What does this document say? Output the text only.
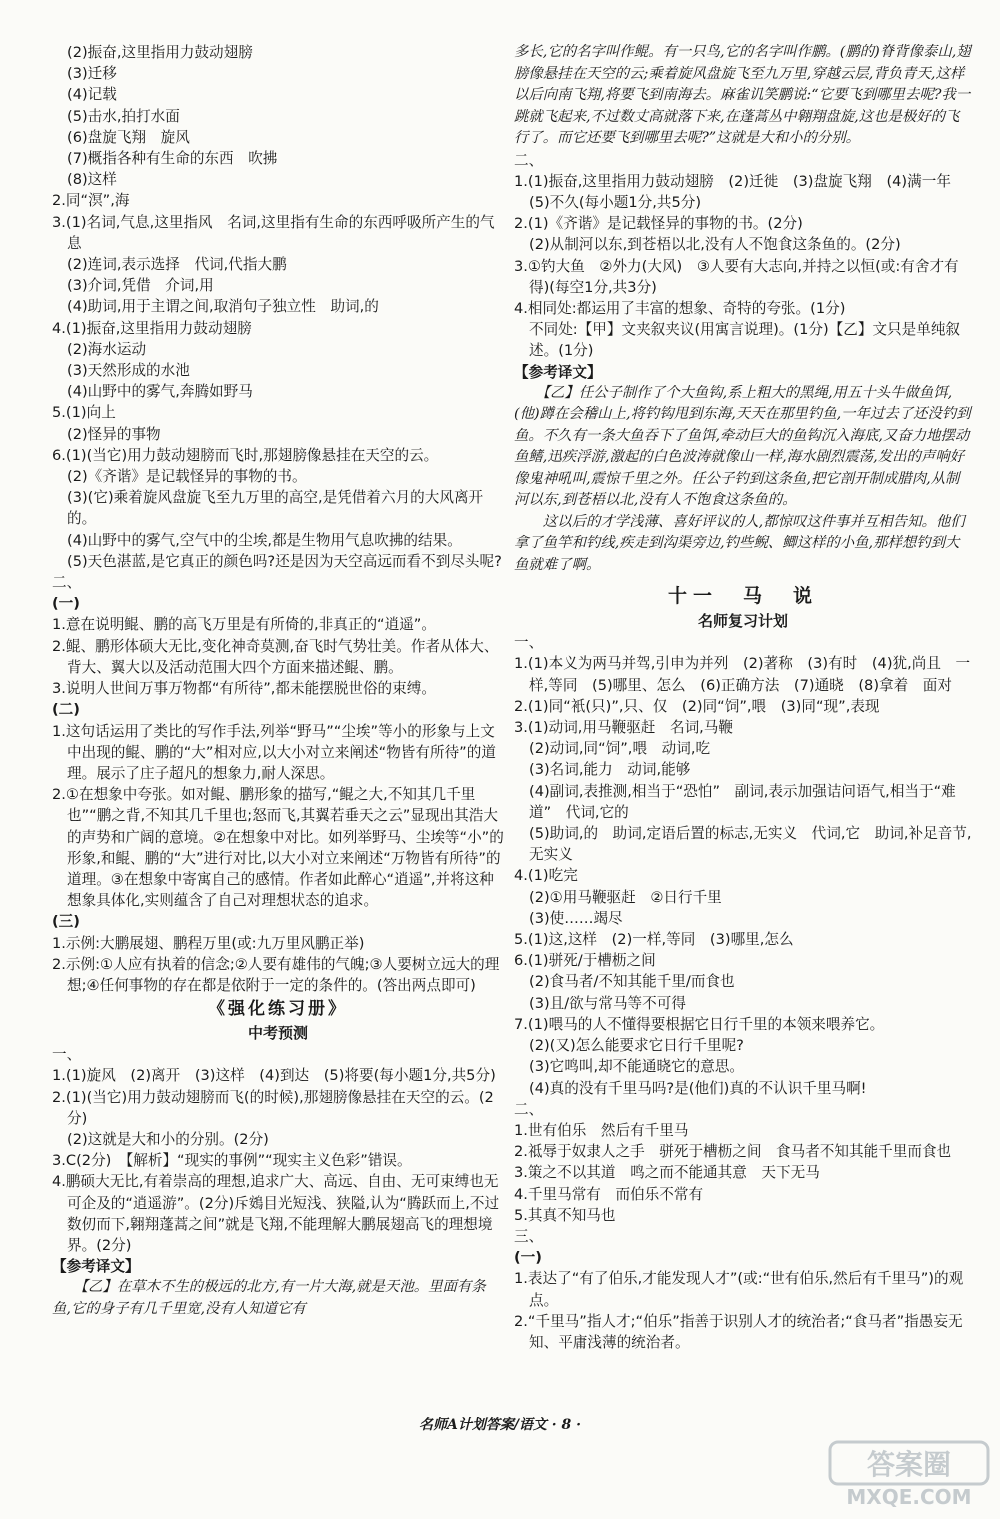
(2)振奋,这里指用力鼓动翅膀

(3)迁移

(4)记载

(5)击水,拍打水面

(6)盘旋飞翔　旋风

(7)概指各种有生命的东西　吹拂

(8)这样

2.同“溟”,海

3.(1)名词,气息,这里指风　名词,这里指有生命的东西呼吸所产生的气息

(2)连词,表示选择　代词,代指大鹏

(3)介词,凭借　介词,用

(4)助词,用于主谓之间,取消句子独立性　助词,的

4.(1)振奋,这里指用力鼓动翅膀

(2)海水运动

(3)天然形成的水池

(4)山野中的雾气,奔腾如野马

5.(1)向上

(2)怪异的事物

6.(1)(当它)用力鼓动翅膀而飞时,那翅膀像悬挂在天空的云。

(2)《齐谐》是记载怪异的事物的书。

(3)(它)乘着旋风盘旋飞至九万里的高空,是凭借着六月的大风离开的。

(4)山野中的雾气,空气中的尘埃,都是生物用气息吹拂的结果。

(5)天色湛蓝,是它真正的颜色吗?还是因为天空高远而看不到尽头呢?

二、

(一)

1.意在说明鲲、鹏的高飞万里是有所倚的,非真正的“逍遥”。

2.鲲、鹏形体硕大无比,变化神奇莫测,奋飞时气势壮美。作者从体大、背大、翼大以及活动范围大四个方面来描述鲲、鹏。

3.说明人世间万事万物都“有所待”,都未能摆脱世俗的束缚。

(二)

1.这句话运用了类比的写作手法,列举“野马”“尘埃”等小的形象与上文中出现的鲲、鹏的“大”相对应,以大小对立来阐述“物皆有所待”的道理。展示了庄子超凡的想象力,耐人深思。

2.①在想象中夸张。如对鲲、鹏形象的描写,“鲲之大,不知其几千里也”“鹏之背,不知其几千里也;怒而飞,其翼若垂天之云”显现出其浩大的声势和广阔的意境。②在想象中对比。如列举野马、尘埃等“小”的形象,和鲲、鹏的“大”进行对比,以大小对立来阐述“万物皆有所待”的道理。③在想象中寄寓自己的感情。作者如此醉心“逍遥”,并将这种想象具体化,实则蕴含了自己对理想状态的追求。

(三)

1.示例:大鹏展翅、鹏程万里(或:九万里风鹏正举)

2.示例:①人应有执着的信念;②人要有雄伟的气魄;③人要树立远大的理想;④任何事物的存在都是依附于一定的条件的。(答出两点即可)

《强化练习册》

中考预测

一、

1.(1)旋风　(2)离开　(3)这样　(4)到达　(5)将要(每小题1分,共5分)

2.(1)(当它)用力鼓动翅膀而飞(的时候),那翅膀像悬挂在天空的云。(2分)

(2)这就是大和小的分别。(2分)

3.C(2分)　【解析】“现实的事例”“现实主义色彩”错误。

4.鹏硕大无比,有着崇高的理想,追求广大、高远、自由、无可束缚也无可企及的“逍遥游”。(2分)斥鴳目光短浅、狭隘,认为“腾跃而上,不过数仞而下,翱翔蓬蒿之间”就是飞翔,不能理解大鹏展翅高飞的理想境界。(2分)

【参考译文】

　　【乙】在草木不生的极远的北方,有一片大海,就是天池。里面有条鱼,它的身子有几千里宽,没有人知道它有

多长,它的名字叫作鲲。有一只鸟,它的名字叫作鹏。(鹏的)脊背像泰山,翅膀像悬挂在天空的云;乘着旋风盘旋飞至九万里,穿越云层,背负青天,这样以后向南飞翔,将要飞到南海去。麻雀讥笑鹏说:“它要飞到哪里去呢?我一跳就飞起来,不过数丈高就落下来,在蓬蒿丛中翱翔盘旋,这也是极好的飞行了。而它还要飞到哪里去呢?”这就是大和小的分别。

二、

1.(1)振奋,这里指用力鼓动翅膀　(2)迁徙　(3)盘旋飞翔　(4)满一年　(5)不久(每小题1分,共5分)

2.(1)《齐谐》是记载怪异的事物的书。(2分)

(2)从制河以东,到苍梧以北,没有人不饱食这条鱼的。(2分)

3.①钓大鱼　②外力(大风)　③人要有大志向,并持之以恒(或:有舍才有得)(每空1分,共3分)

4.相同处:都运用了丰富的想象、奇特的夸张。(1分)

不同处:【甲】文夹叙夹议(用寓言说理)。(1分)【乙】文只是单纯叙述。(1分)

【参考译文】

　　【乙】任公子制作了个大鱼钩,系上粗大的黑绳,用五十头牛做鱼饵,(他)蹲在会稽山上,将钓钩甩到东海,天天在那里钓鱼,一年过去了还没钓到鱼。不久有一条大鱼吞下了鱼饵,牵动巨大的鱼钩沉入海底,又奋力地摆动鱼鳍,迅疾浮游,激起的白色波涛就像山一样,海水剧烈震荡,发出的声响好像鬼神吼叫,震惊千里之外。任公子钓到这条鱼,把它剖开制成腊肉,从制河以东,到苍梧以北,没有人不饱食这条鱼的。

　　这以后的才学浅薄、喜好评议的人,都惊叹这件事并互相告知。他们拿了鱼竿和钓线,疾走到沟渠旁边,钓些鲵、鲫这样的小鱼,那样想钓到大鱼就难了啊。

十一　马　说

名师复习计划

一、

1.(1)本义为两马并驾,引申为并列　(2)著称　(3)有时　(4)犹,尚且　一样,等同　(5)哪里、怎么　(6)正确方法　(7)通晓　(8)拿着　面对

2.(1)同“衹(只)”,只、仅　(2)同“饲”,喂　(3)同“现”,表现

3.(1)动词,用马鞭驱赶　名词,马鞭

(2)动词,同“饲”,喂　动词,吃

(3)名词,能力　动词,能够

(4)副词,表推测,相当于“恐怕”　副词,表示加强诘问语气,相当于“难道”　代词,它的

(5)助词,的　助词,定语后置的标志,无实义　代词,它　助词,补足音节,无实义

4.(1)吃完

(2)①用马鞭驱赶　②日行千里

(3)使……竭尽

5.(1)这,这样　(2)一样,等同　(3)哪里,怎么

6.(1)骈死/于槽枥之间

(2)食马者/不知其能千里/而食也

(3)且/欲与常马等不可得

7.(1)喂马的人不懂得要根据它日行千里的本领来喂养它。

(2)(又)怎么能要求它日行千里呢?

(3)它鸣叫,却不能通晓它的意思。

(4)真的没有千里马吗?是(他们)真的不认识千里马啊!

二、

1.世有伯乐　然后有千里马

2.祗辱于奴隶人之手　骈死于槽枥之间　食马者不知其能千里而食也

3.策之不以其道　鸣之而不能通其意　天下无马

4.千里马常有　而伯乐不常有

5.其真不知马也

三、

(一)

1.表达了“有了伯乐,才能发现人才”(或:“世有伯乐,然后有千里马”)的观点。

2.“千里马”指人才;“伯乐”指善于识别人才的统治者;“食马者”指愚妄无知、平庸浅薄的统治者。

名师A计划答案/语文 · 8 ·
答案圈
MXQE.COM
